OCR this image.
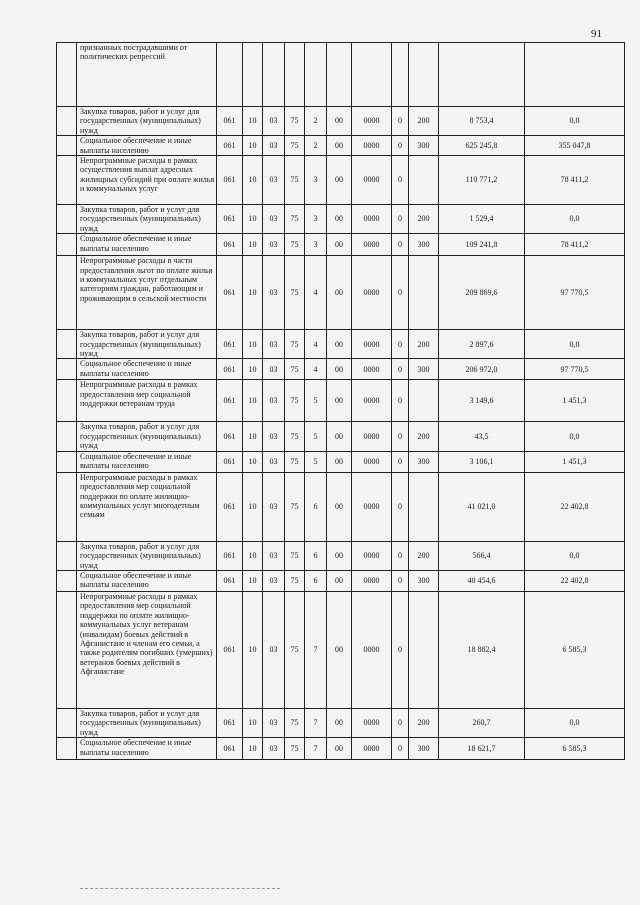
91
	признанных пострадавшими от политических репрессий											
	Закупка товаров, работ и услуг для государственных (муниципальных) нужд	061	10	03	75	2	00	0000	0	200	8 753,4	0,0
	Социальное обеспечение и иные выплаты населению	061	10	03	75	2	00	0000	0	300	625 245,8	355 047,8
	Непрограммные расходы в рамках осуществления выплат адресных жилищных субсидий при оплате жилья и коммунальных услуг	061	10	03	75	3	00	0000	0		110 771,2	78 411,2
	Закупка товаров, работ и услуг для государственных (муниципальных) нужд	061	10	03	75	3	00	0000	0	200	1 529,4	0,0
	Социальное обеспечение и иные выплаты населению	061	10	03	75	3	00	0000	0	300	109 241,8	78 411,2
	Непрограммные расходы в части предоставления льгот по оплате жилья и коммунальных услуг отдельным категориям граждан, работающим и проживающим в сельской местности	061	10	03	75	4	00	0000	0		209 869,6	97 770,5
	Закупка товаров, работ и услуг для государственных (муниципальных) нужд	061	10	03	75	4	00	0000	0	200	2 897,6	0,0
	Социальное обеспечение и иные выплаты населению	061	10	03	75	4	00	0000	0	300	206 972,0	97 770,5
	Непрограммные расходы в рамках предоставления мер социальной поддержки ветеранам труда	061	10	03	75	5	00	0000	0		3 149,6	1 451,3
	Закупка товаров, работ и услуг для государственных (муниципальных) нужд	061	10	03	75	5	00	0000	0	200	43,5	0,0
	Социальное обеспечение и иные выплаты населению	061	10	03	75	5	00	0000	0	300	3 106,1	1 451,3
	Непрограммные расходы в рамках предоставления мер социальной поддержки по оплате жилищно-коммунальных услуг многодетным семьям	061	10	03	75	6	00	0000	0		41 021,0	22 402,8
	Закупка товаров, работ и услуг для государственных (муниципальных) нужд	061	10	03	75	6	00	0000	0	200	566,4	0,0
	Социальное обеспечение и иные выплаты населению	061	10	03	75	6	00	0000	0	300	40 454,6	22 402,8
	Непрограммные расходы в рамках предоставления мер социальной поддержки по оплате жилищно-коммунальных услуг ветеранам (инвалидам) боевых действий в Афганистане и членам его семьи, а также родителям погибших (умерших) ветеранов боевых действий в Афганистане	061	10	03	75	7	00	0000	0		18 882,4	6 585,3
	Закупка товаров, работ и услуг для государственных (муниципальных) нужд	061	10	03	75	7	00	0000	0	200	260,7	0,0
	Социальное обеспечение и иные выплаты населению	061	10	03	75	7	00	0000	0	300	18 621,7	6 585,3
